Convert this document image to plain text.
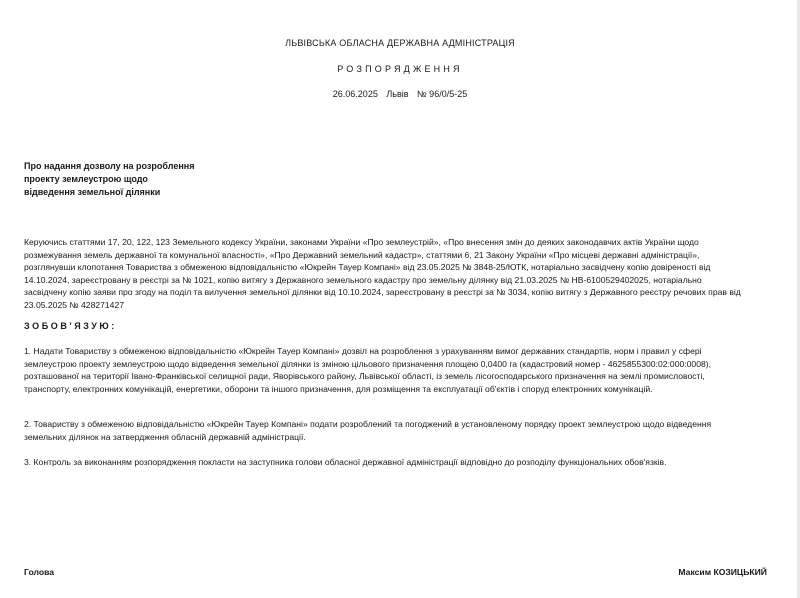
ЛЬВІВСЬКА ОБЛАСНА ДЕРЖАВНА АДМІНІСТРАЦІЯ
РОЗПОРЯДЖЕННЯ
26.06.2025 Львів № 96/0/5-25
Про надання дозволу на розроблення
проекту землеустрою щодо
відведення земельної ділянки
Керуючись статтями 17, 20, 122, 123 Земельного кодексу України, законами України «Про землеустрій», «Про внесення змін до деяких законодавчих актів України щодо розмежування земель державної та комунальної власності», «Про Державний земельний кадастр», статтями 6, 21 Закону України «Про місцеві державні адміністрації», розглянувши клопотання Товариства з обмеженою відповідальністю «Юкрейн Тауер Компані» від 23.05.2025 № 3848-25/ЮТК, нотаріально засвідчену копію довіреності від 14.10.2024, зареєстровану в реєстрі за № 1021, копію витягу з Державного земельного кадастру про земельну ділянку від 21.03.2025 № НВ-6100529402025, нотаріально засвідчену копію заяви про згоду на поділ та вилучення земельної ділянки від 10.10.2024, зареєстровану в реєстрі за № 3034, копію витягу з Державного реєстру речових прав від 23.05.2025 № 428271427
ЗОБОВ'ЯЗУЮ:
1. Надати Товариству з обмеженою відповідальністю «Юкрейн Тауер Компані» дозвіл на розроблення з урахуванням вимог державних стандартів, норм і правил у сфері землеустрою проекту землеустрою щодо відведення земельної ділянки із зміною цільового призначення площею 0,0400 га (кадастровий номер - 4625855300:02:000:0008), розташованої на території Івано-Франківської селищної ради, Яворівського району, Львівської області, із земель лісогосподарського призначення на землі промисловості, транспорту, електронних комунікацій, енергетики, оборони та іншого призначення, для розміщення та експлуатації об'єктів і споруд електронних комунікацій.
2. Товариству з обмеженою відповідальністю «Юкрейн Тауер Компані» подати розроблений та погоджений в установленому порядку проект землеустрою щодо відведення земельних ділянок на затвердження обласній державній адміністрації.
3. Контроль за виконанням розпорядження покласти на заступника голови обласної державної адміністрації відповідно до розподілу функціональних обов'язків.
Голова	Максим КОЗИЦЬКИЙ
